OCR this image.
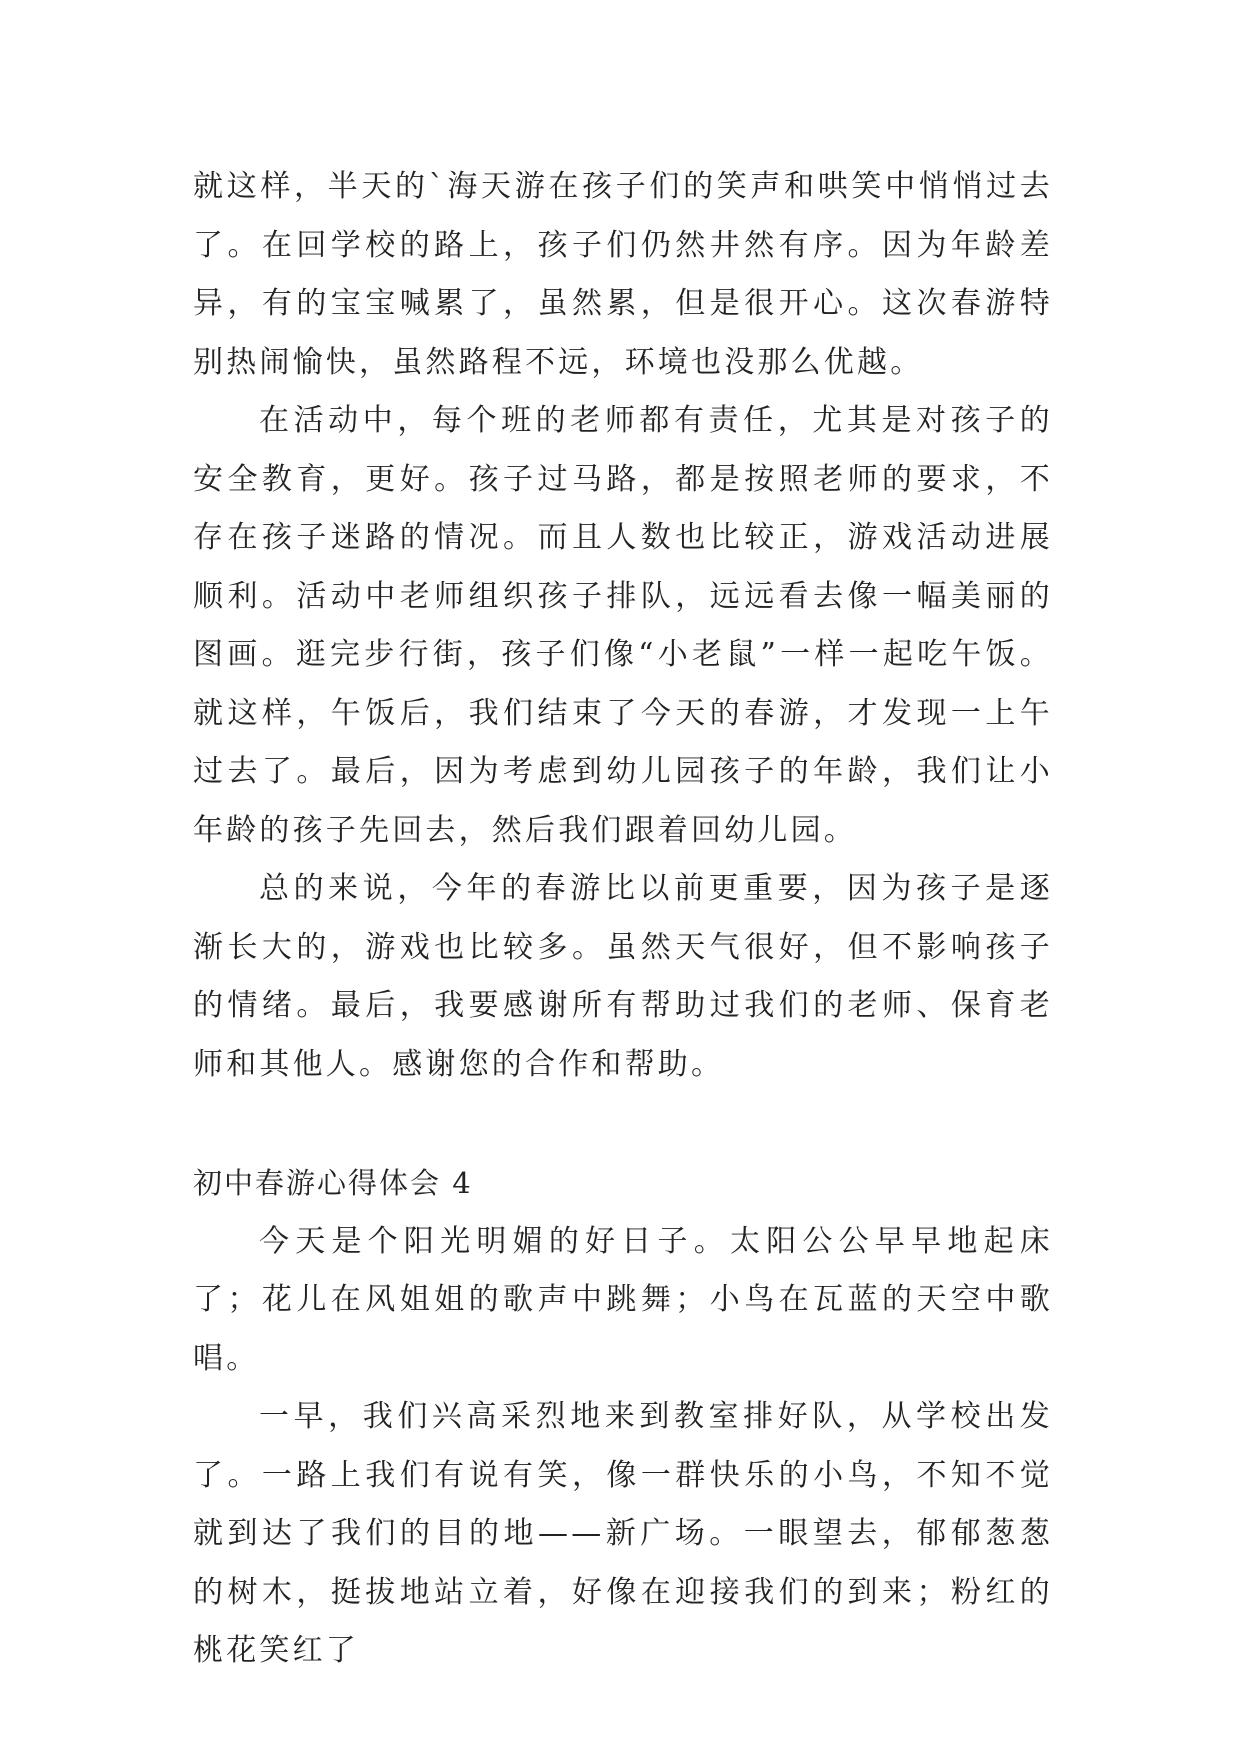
就这样，半天的`海天游在孩子们的笑声和哄笑中悄悄过去了。在回学校的路上，孩子们仍然井然有序。因为年龄差异，有的宝宝喊累了，虽然累，但是很开心。这次春游特别热闹愉快，虽然路程不远，环境也没那么优越。

在活动中，每个班的老师都有责任，尤其是对孩子的安全教育，更好。孩子过马路，都是按照老师的要求，不存在孩子迷路的情况。而且人数也比较正，游戏活动进展顺利。活动中老师组织孩子排队，远远看去像一幅美丽的图画。逛完步行街，孩子们像“小老鼠”一样一起吃午饭。就这样，午饭后，我们结束了今天的春游，才发现一上午过去了。最后，因为考虑到幼儿园孩子的年龄，我们让小年龄的孩子先回去，然后我们跟着回幼儿园。

总的来说，今年的春游比以前更重要，因为孩子是逐渐长大的，游戏也比较多。虽然天气很好，但不影响孩子的情绪。最后，我要感谢所有帮助过我们的老师、保育老师和其他人。感谢您的合作和帮助。

初中春游心得体会 4

今天是个阳光明媚的好日子。太阳公公早早地起床了；花儿在风姐姐的歌声中跳舞；小鸟在瓦蓝的天空中歌唱。

一早，我们兴高采烈地来到教室排好队，从学校出发了。一路上我们有说有笑，像一群快乐的小鸟，不知不觉就到达了我们的目的地——新广场。一眼望去，郁郁葱葱的树木，挺拔地站立着，好像在迎接我们的到来；粉红的桃花笑红了
